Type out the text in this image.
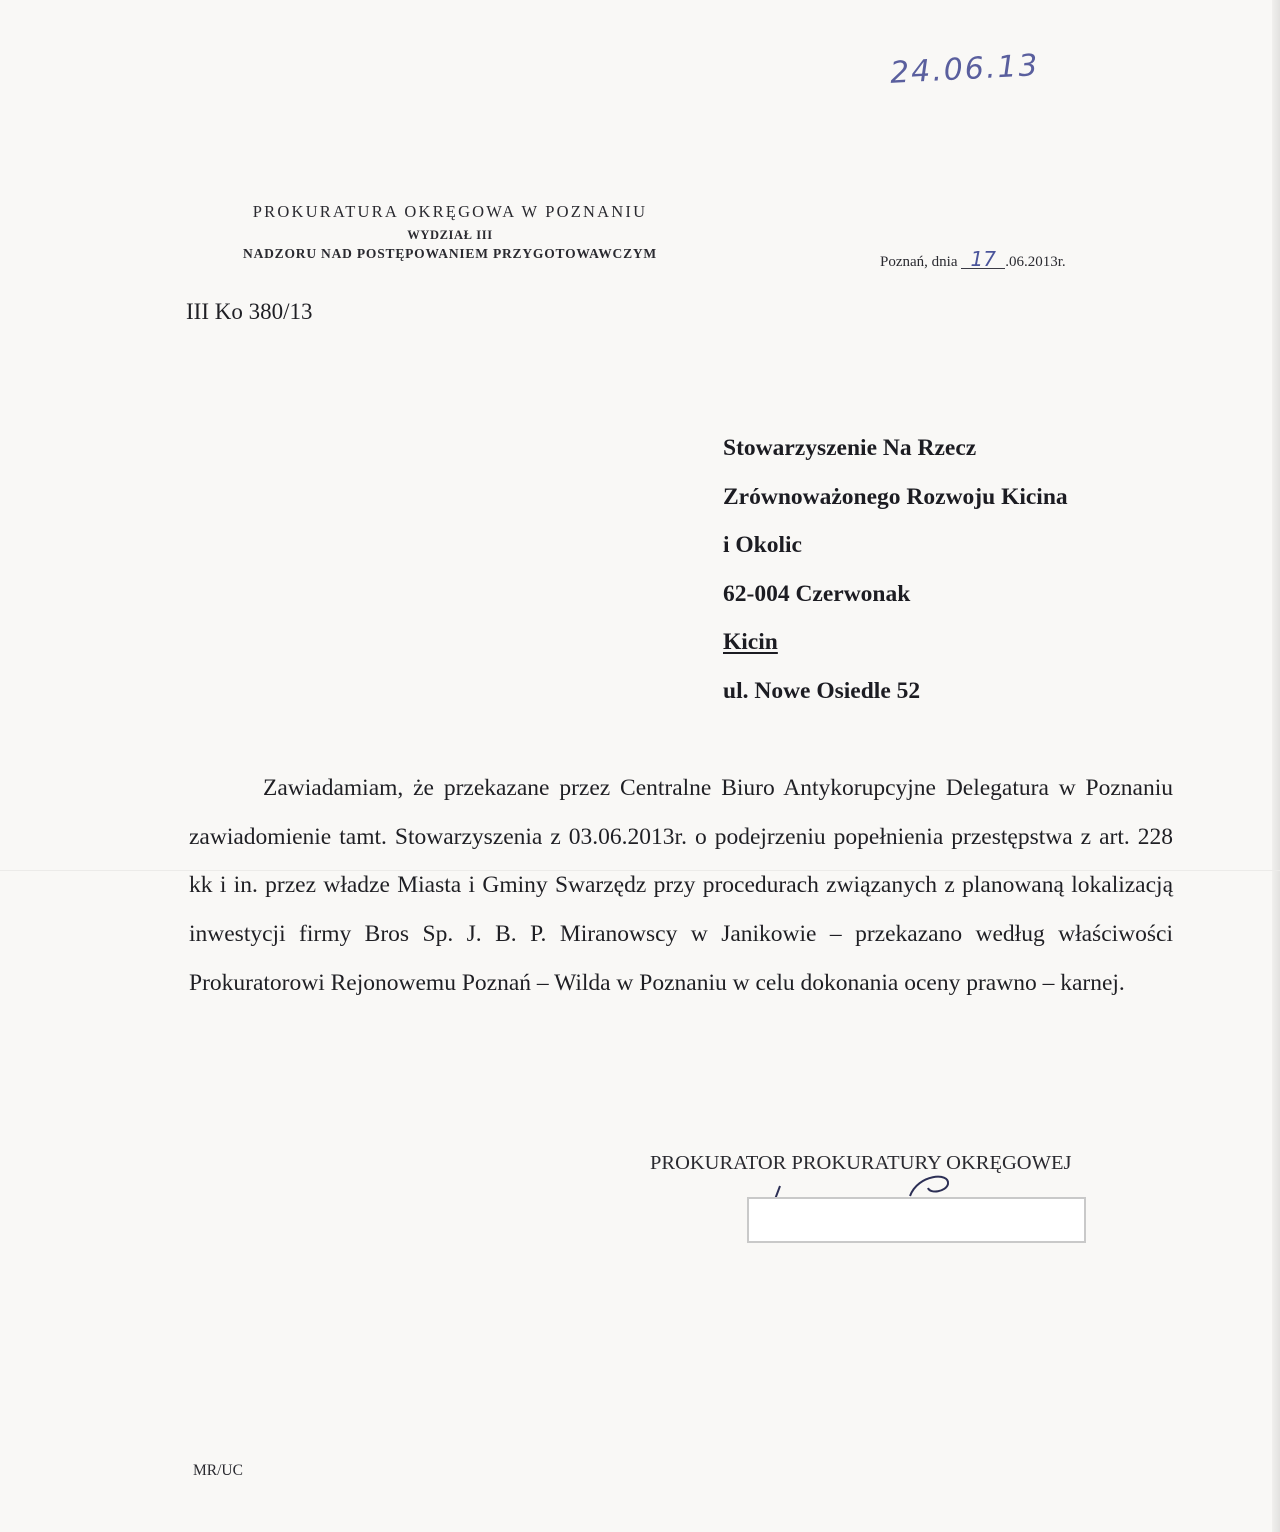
24.06.13
PROKURATURA OKRĘGOWA W POZNANIU
WYDZIAŁ III
NADZORU NAD POSTĘPOWANIEM PRZYGOTOWAWCZYM
Poznań, dnia 17 .06.2013r.
III Ko 380/13
Stowarzyszenie Na Rzecz
Zrównoważonego Rozwoju Kicina
i Okolic
62-004 Czerwonak
Kicin
ul. Nowe Osiedle 52

Zawiadamiam, że przekazane przez Centralne Biuro Antykorupcyjne Delegatura w Poznaniu zawiadomienie tamt. Stowarzyszenia z 03.06.2013r. o podejrzeniu popełnienia przestępstwa z art. 228 kk i in. przez władze Miasta i Gminy Swarzędz przy procedurach związanych z planowaną lokalizacją inwestycji firmy Bros Sp. J. B. P. Miranowscy w Janikowie – przekazano według właściwości Prokuratorowi Rejonowemu Poznań – Wilda w Poznaniu w celu dokonania oceny prawno – karnej.

PROKURATOR PROKURATURY OKRĘGOWEJ
MR/UC
